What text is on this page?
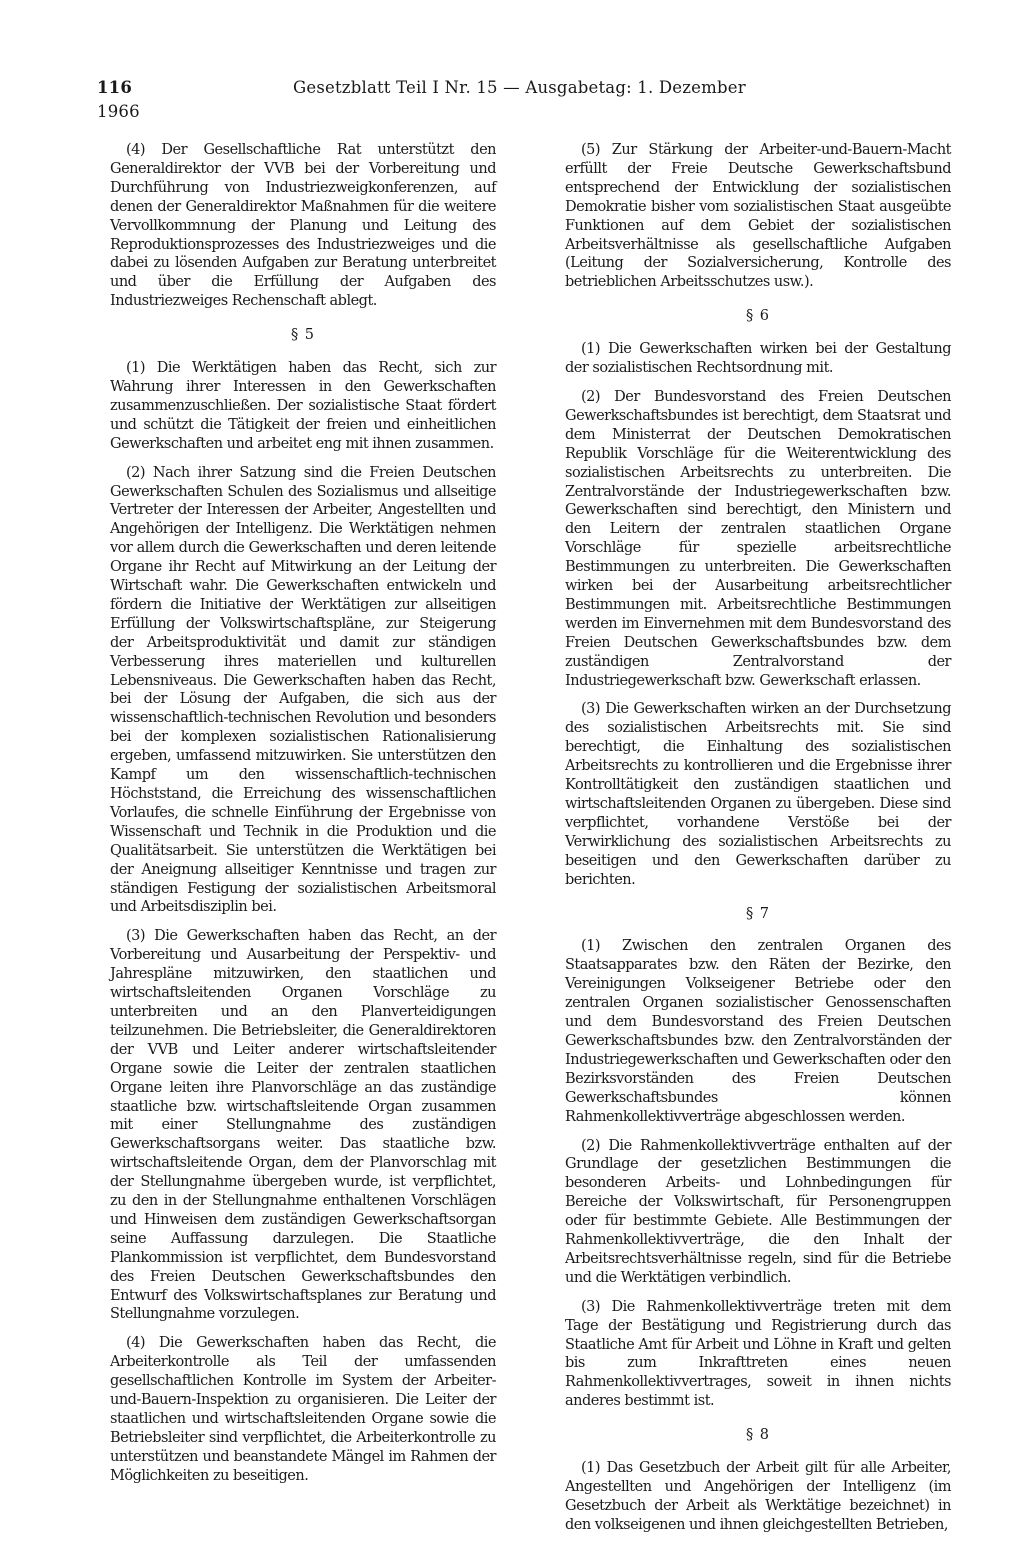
116	Gesetzblatt Teil I Nr. 15 — Ausgabetag: 1. Dezember 1966

(4) Der Gesellschaftliche Rat unterstützt den Generaldirektor der VVB bei der Vorbereitung und Durchführung von Industriezweigkonferenzen, auf denen der Generaldirektor Maßnahmen für die weitere Vervollkommnung der Planung und Leitung des Reproduktionsprozesses des Industriezweiges und die dabei zu lösenden Aufgaben zur Beratung unterbreitet und über die Erfüllung der Aufgaben des Industriezweiges Rechenschaft ablegt.

§ 5

(1) Die Werktätigen haben das Recht, sich zur Wahrung ihrer Interessen in den Gewerkschaften zusammenzuschließen. Der sozialistische Staat fördert und schützt die Tätigkeit der freien und einheitlichen Gewerkschaften und arbeitet eng mit ihnen zusammen.

(2) Nach ihrer Satzung sind die Freien Deutschen Gewerkschaften Schulen des Sozialismus und allseitige Vertreter der Interessen der Arbeiter, Angestellten und Angehörigen der Intelligenz. Die Werktätigen nehmen vor allem durch die Gewerkschaften und deren leitende Organe ihr Recht auf Mitwirkung an der Leitung der Wirtschaft wahr. Die Gewerkschaften entwickeln und fördern die Initiative der Werktätigen zur allseitigen Erfüllung der Volkswirtschaftspläne, zur Steigerung der Arbeitsproduktivität und damit zur ständigen Verbesserung ihres materiellen und kulturellen Lebensniveaus. Die Gewerkschaften haben das Recht, bei der Lösung der Aufgaben, die sich aus der wissenschaftlich-technischen Revolution und besonders bei der komplexen sozialistischen Rationalisierung ergeben, umfassend mitzuwirken. Sie unterstützen den Kampf um den wissenschaftlich-technischen Höchststand, die Erreichung des wissenschaftlichen Vorlaufes, die schnelle Einführung der Ergebnisse von Wissenschaft und Technik in die Produktion und die Qualitätsarbeit. Sie unterstützen die Werktätigen bei der Aneignung allseitiger Kenntnisse und tragen zur ständigen Festigung der sozialistischen Arbeitsmoral und Arbeitsdisziplin bei.

(3) Die Gewerkschaften haben das Recht, an der Vorbereitung und Ausarbeitung der Perspektiv- und Jahrespläne mitzuwirken, den staatlichen und wirtschaftsleitenden Organen Vorschläge zu unterbreiten und an den Planverteidigungen teilzunehmen. Die Betriebsleiter, die Generaldirektoren der VVB und Leiter anderer wirtschaftsleitender Organe sowie die Leiter der zentralen staatlichen Organe leiten ihre Planvorschläge an das zuständige staatliche bzw. wirtschaftsleitende Organ zusammen mit einer Stellungnahme des zuständigen Gewerkschaftsorgans weiter. Das staatliche bzw. wirtschaftsleitende Organ, dem der Planvorschlag mit der Stellungnahme übergeben wurde, ist verpflichtet, zu den in der Stellungnahme enthaltenen Vorschlägen und Hinweisen dem zuständigen Gewerkschaftsorgan seine Auffassung darzulegen. Die Staatliche Plankommission ist verpflichtet, dem Bundesvorstand des Freien Deutschen Gewerkschaftsbundes den Entwurf des Volkswirtschaftsplanes zur Beratung und Stellungnahme vorzulegen.

(4) Die Gewerkschaften haben das Recht, die Arbeiterkontrolle als Teil der umfassenden gesellschaftlichen Kontrolle im System der Arbeiter-und-Bauern-Inspektion zu organisieren. Die Leiter der staatlichen und wirtschaftsleitenden Organe sowie die Betriebsleiter sind verpflichtet, die Arbeiterkontrolle zu unterstützen und beanstandete Mängel im Rahmen der Möglichkeiten zu beseitigen.

(5) Zur Stärkung der Arbeiter-und-Bauern-Macht erfüllt der Freie Deutsche Gewerkschaftsbund entsprechend der Entwicklung der sozialistischen Demokratie bisher vom sozialistischen Staat ausgeübte Funktionen auf dem Gebiet der sozialistischen Arbeitsverhältnisse als gesellschaftliche Aufgaben (Leitung der Sozialversicherung, Kontrolle des betrieblichen Arbeitsschutzes usw.).

§ 6

(1) Die Gewerkschaften wirken bei der Gestaltung der sozialistischen Rechtsordnung mit.

(2) Der Bundesvorstand des Freien Deutschen Gewerkschaftsbundes ist berechtigt, dem Staatsrat und dem Ministerrat der Deutschen Demokratischen Republik Vorschläge für die Weiterentwicklung des sozialistischen Arbeitsrechts zu unterbreiten. Die Zentralvorstände der Industriegewerkschaften bzw. Gewerkschaften sind berechtigt, den Ministern und den Leitern der zentralen staatlichen Organe Vorschläge für spezielle arbeitsrechtliche Bestimmungen zu unterbreiten. Die Gewerkschaften wirken bei der Ausarbeitung arbeitsrechtlicher Bestimmungen mit. Arbeitsrechtliche Bestimmungen werden im Einvernehmen mit dem Bundesvorstand des Freien Deutschen Gewerkschaftsbundes bzw. dem zuständigen Zentralvorstand der Industriegewerkschaft bzw. Gewerkschaft erlassen.

(3) Die Gewerkschaften wirken an der Durchsetzung des sozialistischen Arbeitsrechts mit. Sie sind berechtigt, die Einhaltung des sozialistischen Arbeitsrechts zu kontrollieren und die Ergebnisse ihrer Kontrolltätigkeit den zuständigen staatlichen und wirtschaftsleitenden Organen zu übergeben. Diese sind verpflichtet, vorhandene Verstöße bei der Verwirklichung des sozialistischen Arbeitsrechts zu beseitigen und den Gewerkschaften darüber zu berichten.

§ 7

(1) Zwischen den zentralen Organen des Staatsapparates bzw. den Räten der Bezirke, den Vereinigungen Volkseigener Betriebe oder den zentralen Organen sozialistischer Genossenschaften und dem Bundesvorstand des Freien Deutschen Gewerkschaftsbundes bzw. den Zentralvorständen der Industriegewerkschaften und Gewerkschaften oder den Bezirksvorständen des Freien Deutschen Gewerkschaftsbundes können Rahmenkollektivverträge abgeschlossen werden.

(2) Die Rahmenkollektivverträge enthalten auf der Grundlage der gesetzlichen Bestimmungen die besonderen Arbeits- und Lohnbedingungen für Bereiche der Volkswirtschaft, für Personengruppen oder für bestimmte Gebiete. Alle Bestimmungen der Rahmenkollektivverträge, die den Inhalt der Arbeitsrechtsverhältnisse regeln, sind für die Betriebe und die Werktätigen verbindlich.

(3) Die Rahmenkollektivverträge treten mit dem Tage der Bestätigung und Registrierung durch das Staatliche Amt für Arbeit und Löhne in Kraft und gelten bis zum Inkrafttreten eines neuen Rahmenkollektivvertrages, soweit in ihnen nichts anderes bestimmt ist.

§ 8

(1) Das Gesetzbuch der Arbeit gilt für alle Arbeiter, Angestellten und Angehörigen der Intelligenz (im Gesetzbuch der Arbeit als Werktätige bezeichnet) in den volkseigenen und ihnen gleichgestellten Betrieben,
